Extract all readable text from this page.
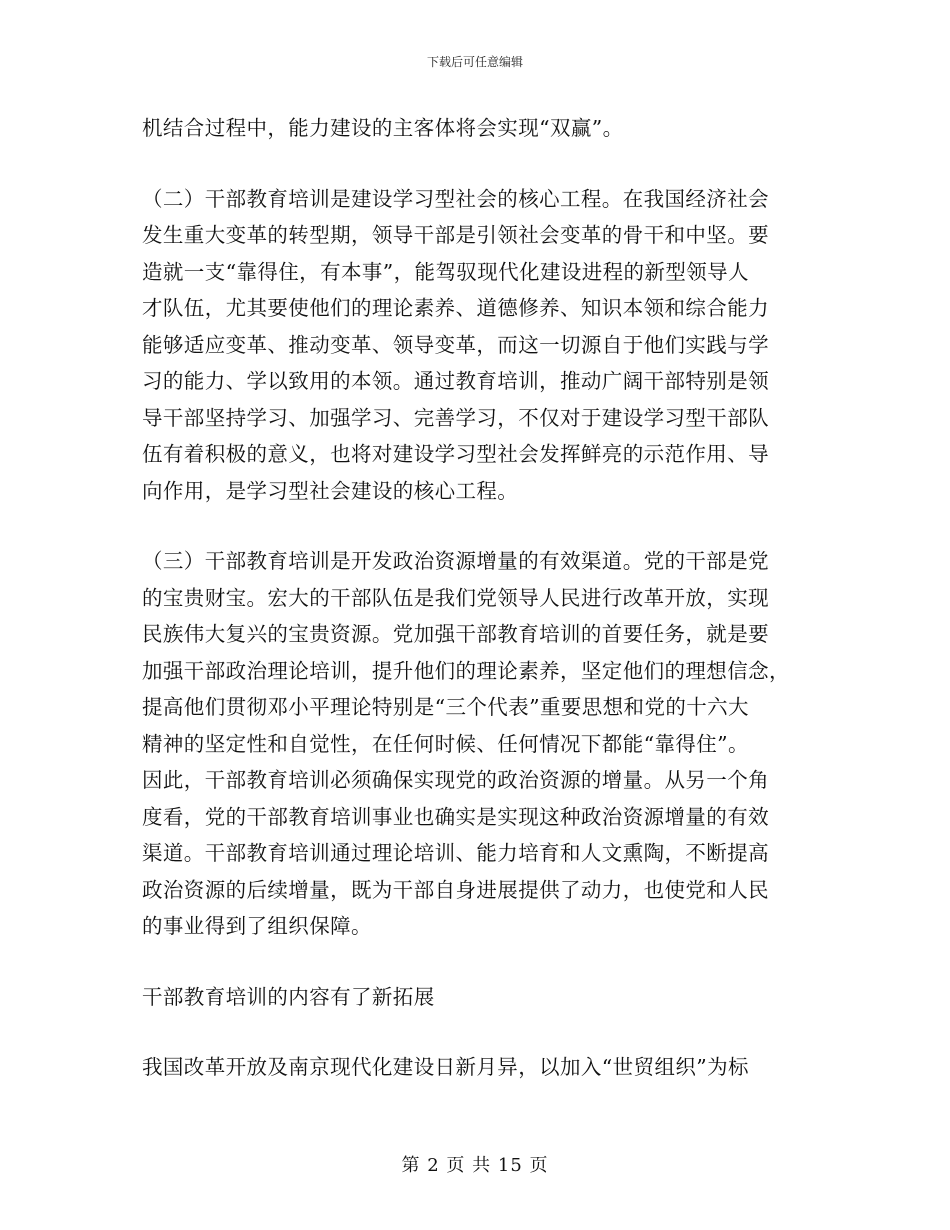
下载后可任意编辑

机结合过程中，能力建设的主客体将会实现“双赢”。

（二）干部教育培训是建设学习型社会的核心工程。在我国经济社会
发生重大变革的转型期，领导干部是引领社会变革的骨干和中坚。要
造就一支“靠得住，有本事”，能驾驭现代化建设进程的新型领导人
才队伍，尤其要使他们的理论素养、道德修养、知识本领和综合能力
能够适应变革、推动变革、领导变革，而这一切源自于他们实践与学
习的能力、学以致用的本领。通过教育培训，推动广阔干部特别是领
导干部坚持学习、加强学习、完善学习，不仅对于建设学习型干部队
伍有着积极的意义，也将对建设学习型社会发挥鲜亮的示范作用、导
向作用，是学习型社会建设的核心工程。

（三）干部教育培训是开发政治资源增量的有效渠道。党的干部是党
的宝贵财宝。宏大的干部队伍是我们党领导人民进行改革开放，实现
民族伟大复兴的宝贵资源。党加强干部教育培训的首要任务，就是要
加强干部政治理论培训，提升他们的理论素养，坚定他们的理想信念，
提高他们贯彻邓小平理论特别是“三个代表”重要思想和党的十六大
精神的坚定性和自觉性，在任何时候、任何情况下都能“靠得住”。
因此，干部教育培训必须确保实现党的政治资源的增量。从另一个角
度看，党的干部教育培训事业也确实是实现这种政治资源增量的有效
渠道。干部教育培训通过理论培训、能力培育和人文熏陶，不断提高
政治资源的后续增量，既为干部自身进展提供了动力，也使党和人民
的事业得到了组织保障。

干部教育培训的内容有了新拓展

我国改革开放及南京现代化建设日新月异，以加入“世贸组织”为标

第 2 页 共 15 页
